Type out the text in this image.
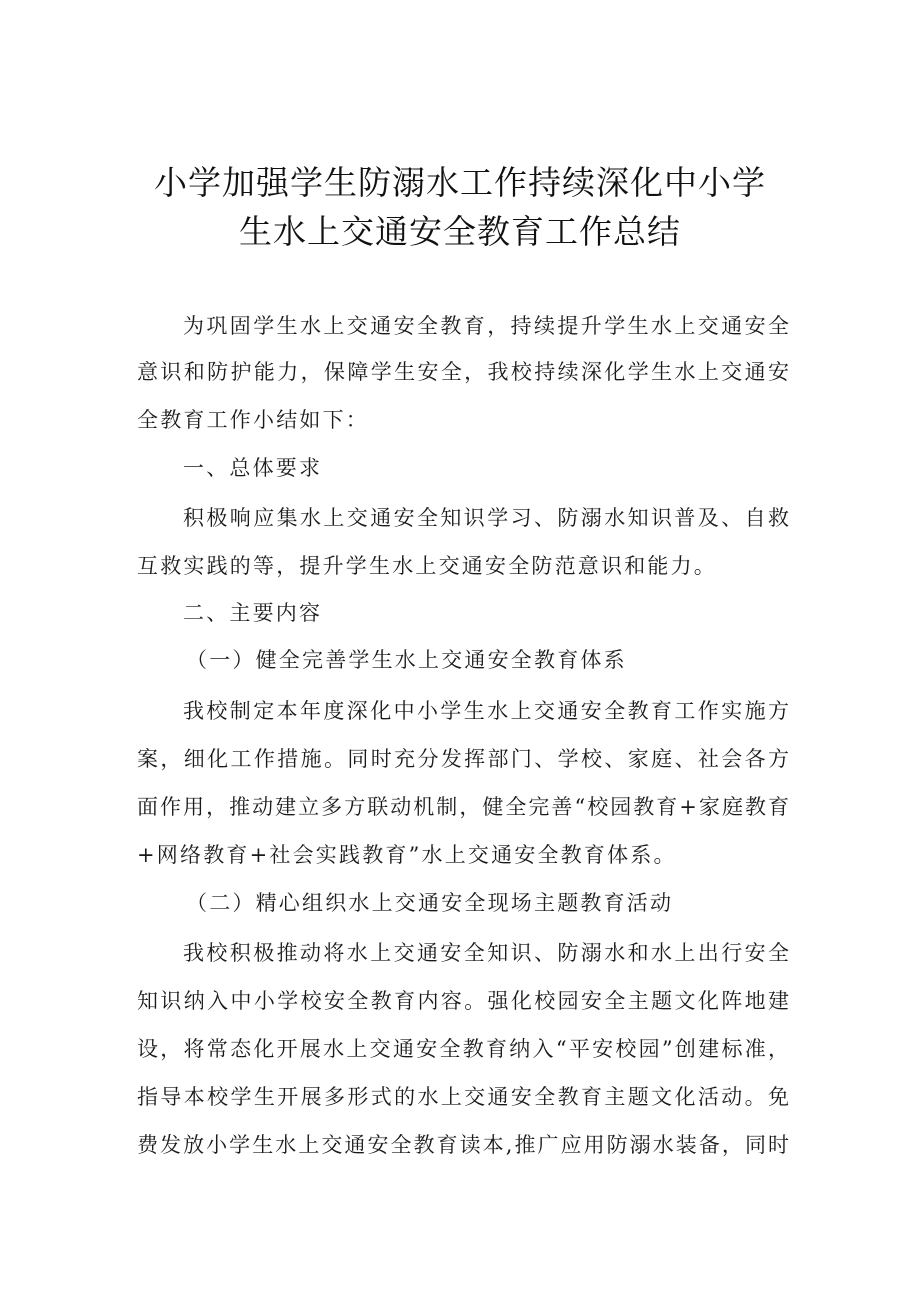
小学加强学生防溺水工作持续深化中小学
生水上交通安全教育工作总结
为巩固学生水上交通安全教育，持续提升学生水上交通安全
意识和防护能力，保障学生安全，我校持续深化学生水上交通安
全教育工作小结如下：
一、总体要求
积极响应集水上交通安全知识学习、防溺水知识普及、自救
互救实践的等，提升学生水上交通安全防范意识和能力。
二、主要内容
（一）健全完善学生水上交通安全教育体系
我校制定本年度深化中小学生水上交通安全教育工作实施方
案，细化工作措施。同时充分发挥部门、学校、家庭、社会各方
面作用，推动建立多方联动机制，健全完善“校园教育+家庭教育
+网络教育+社会实践教育”水上交通安全教育体系。
（二）精心组织水上交通安全现场主题教育活动
我校积极推动将水上交通安全知识、防溺水和水上出行安全
知识纳入中小学校安全教育内容。强化校园安全主题文化阵地建
设，将常态化开展水上交通安全教育纳入“平安校园”创建标准，
指导本校学生开展多形式的水上交通安全教育主题文化活动。免
费发放小学生水上交通安全教育读本,推广应用防溺水装备，同时
